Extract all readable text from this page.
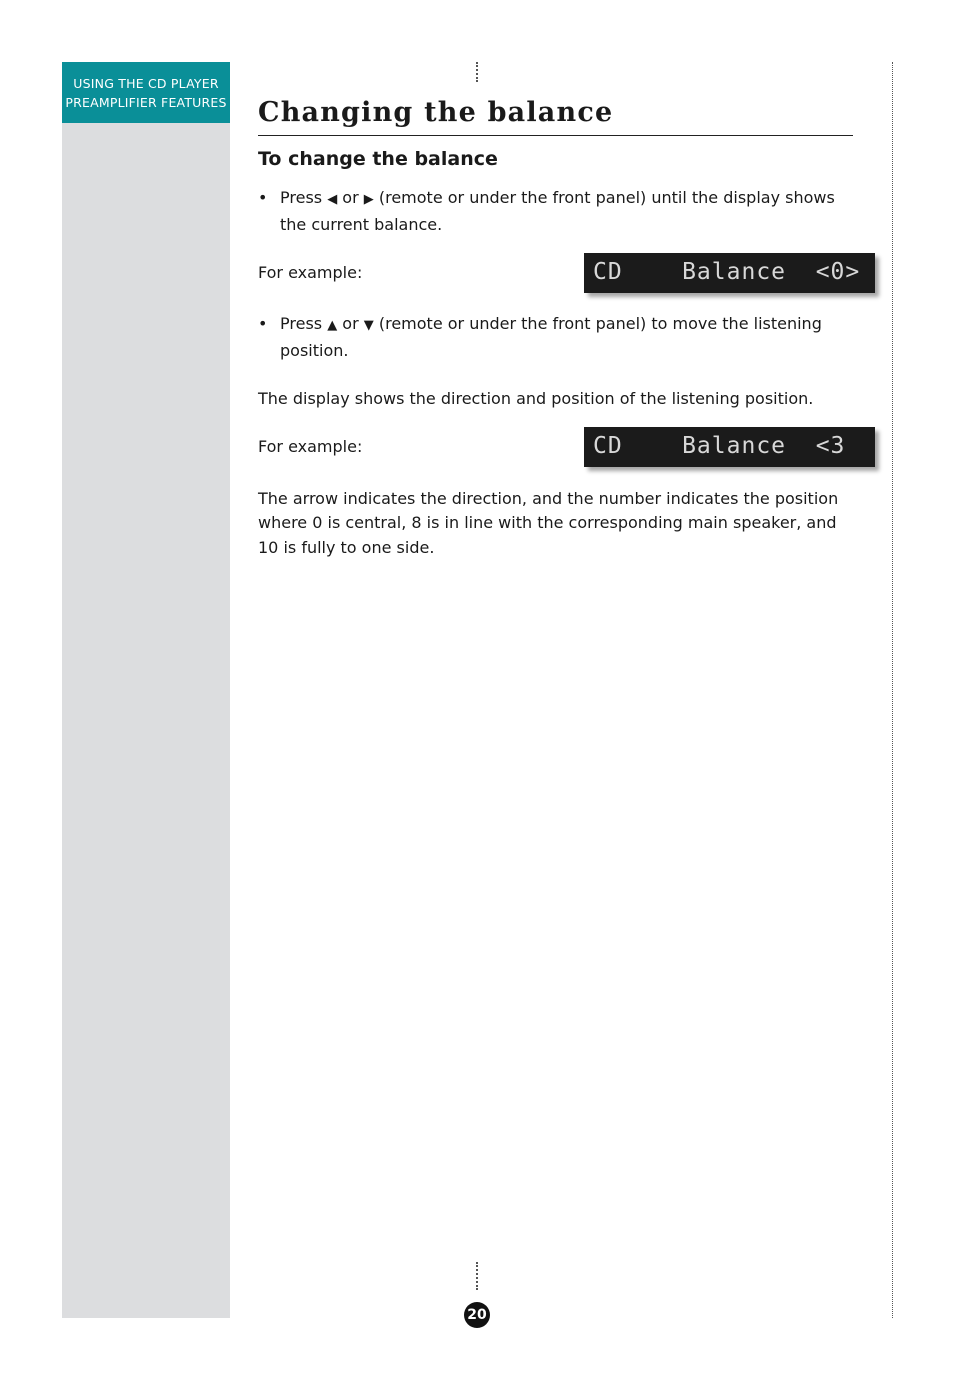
USING THE CD PLAYER
PREAMPLIFIER FEATURES Changing the balance
To change the balance
• Press ◀ or ▶ (remote or under the front panel) until the display shows the current balance.
For example:	CD    Balance  <0>
• Press ▲ or ▼ (remote or under the front panel) to move the listening position.

The display shows the direction and position of the listening position.

For example:	CD    Balance  <3

The arrow indicates the direction, and the number indicates the position where 0 is central, 8 is in line with the corresponding main speaker, and 10 is fully to one side.

20
